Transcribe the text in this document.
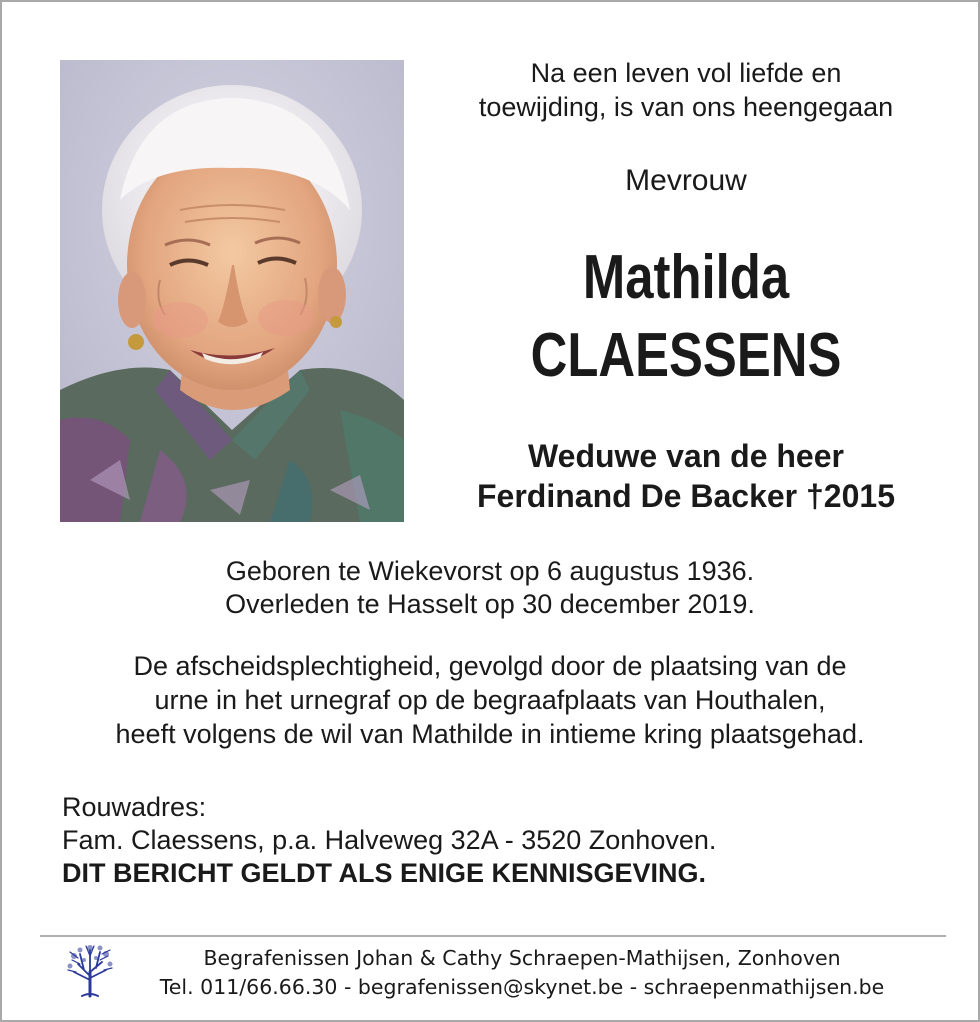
Na een leven vol liefde en
toewijding, is van ons heengegaan
Mevrouw
Mathilda
CLAESSENS
Weduwe van de heer
Ferdinand De Backer †2015
Geboren te Wiekevorst op 6 augustus 1936.
Overleden te Hasselt op 30 december 2019.
De afscheidsplechtigheid, gevolgd door de plaatsing van de
urne in het urnegraf op de begraafplaats van Houthalen,
heeft volgens de wil van Mathilde in intieme kring plaatsgehad.
Rouwadres:
Fam. Claessens, p.a. Halveweg 32A - 3520 Zonhoven.
DIT BERICHT GELDT ALS ENIGE KENNISGEVING.
Begrafenissen Johan & Cathy Schraepen-Mathijsen, Zonhoven
Tel. 011/66.66.30 - begrafenissen@skynet.be - schraepenmathijsen.be
